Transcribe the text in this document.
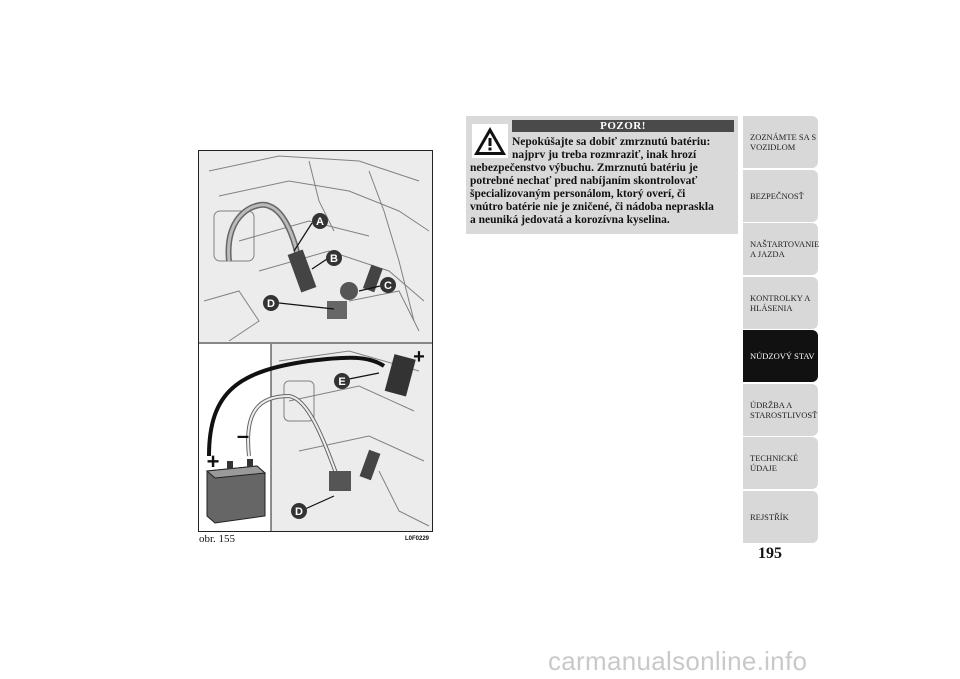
A
B
C
D
E
D
+
+
–
obr. 155	L0F0229
POZOR!
Nepokúšajte sa dobiť zmrznutú batériu:
najprv ju treba rozmraziť, inak hrozí
nebezpečenstvo výbuchu. Zmrznutú batériu je
potrebné nechať pred nabíjaním skontrolovať
špecializovaným personálom, ktorý overí, či
vnútro batérie nie je zničené, či nádoba nepraskla
a neuniká jedovatá a korozívna kyselina.
ZOZNÁMTE SA S VOZIDLOM
BEZPEČNOSŤ
NAŠTARTOVANIE A JAZDA
KONTROLKY A HLÁSENIA
NÚDZOVÝ STAV
ÚDRŽBA A STAROSTLIVOSŤ
TECHNICKÉ ÚDAJE
REJSTŘÍK
195
carmanualsonline.info
